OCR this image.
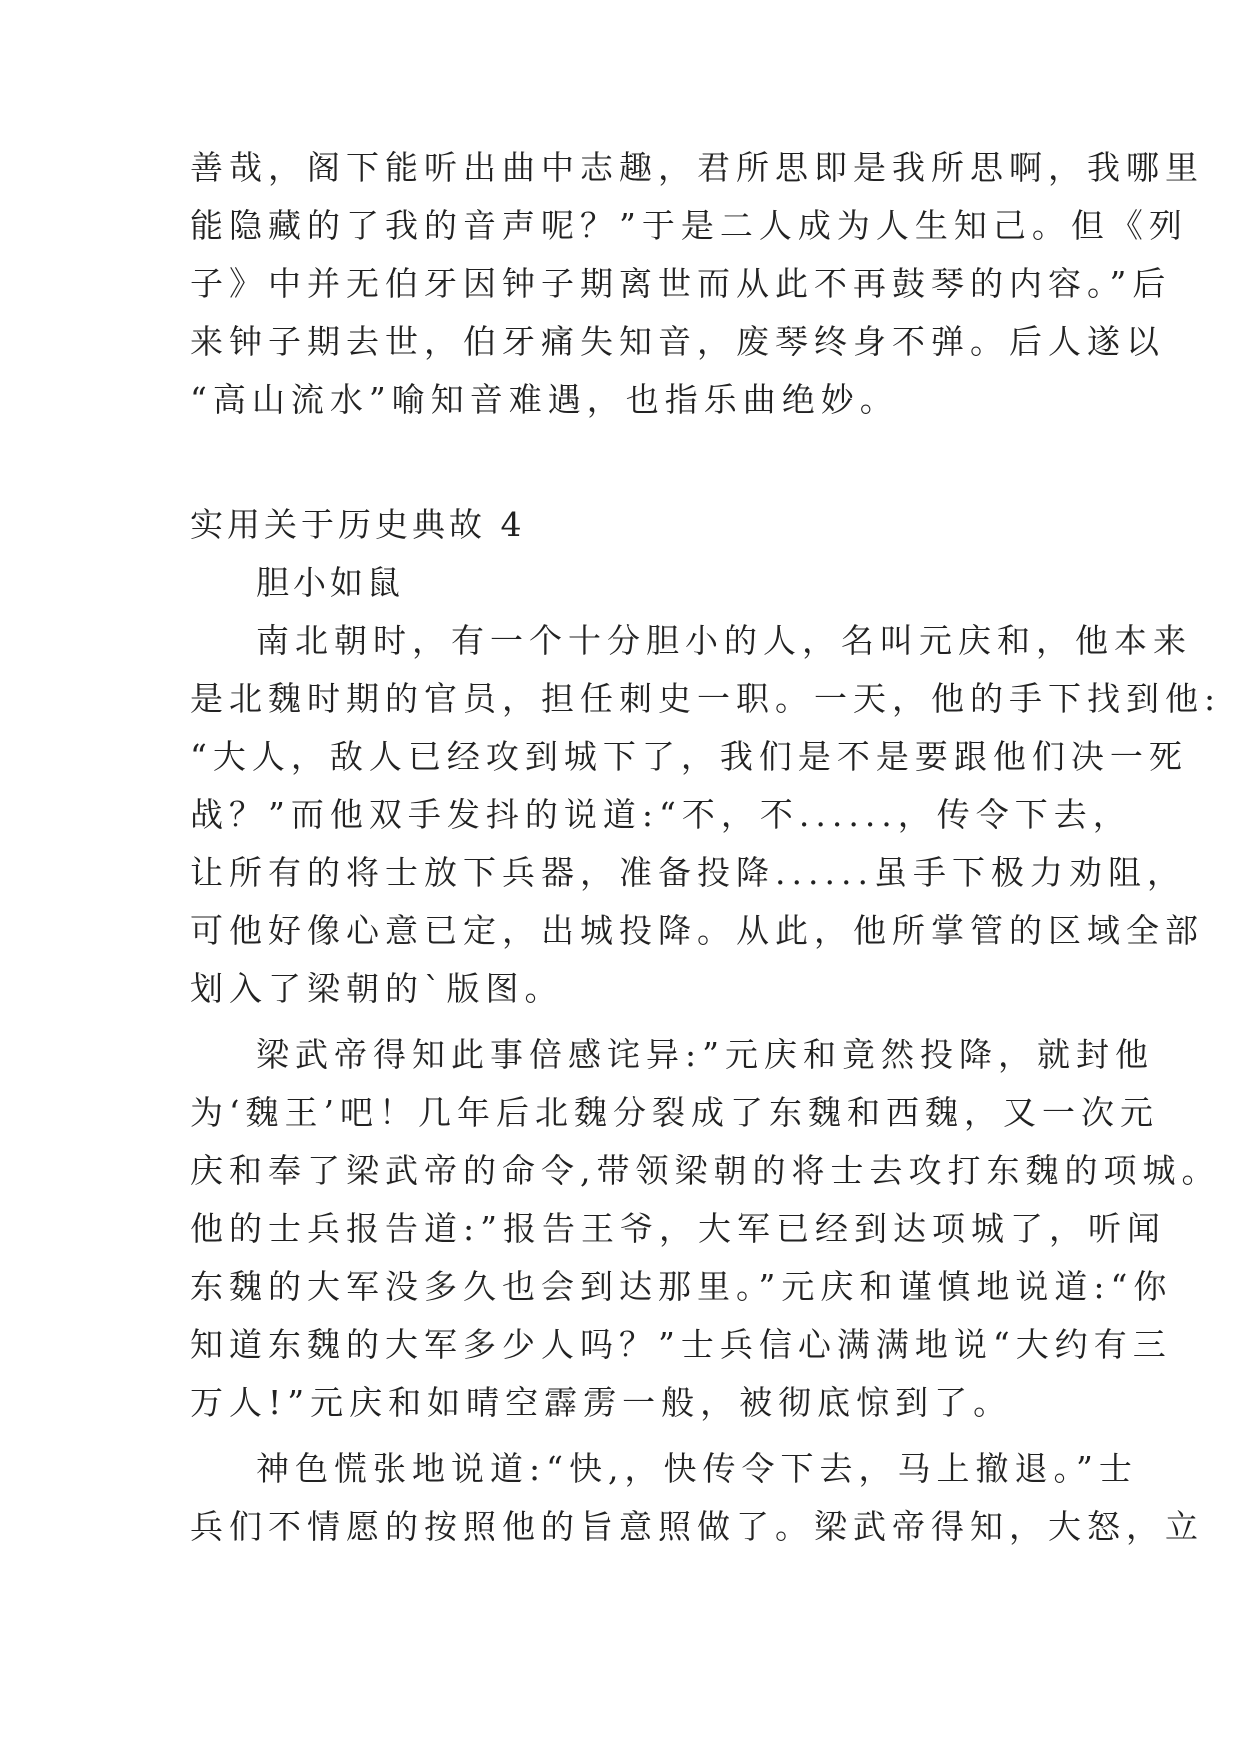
善哉，阁下能听出曲中志趣，君所思即是我所思啊，我哪里
能隐藏的了我的音声呢？”于是二人成为人生知己。但《列
子》中并无伯牙因钟子期离世而从此不再鼓琴的内容。”后
来钟子期去世，伯牙痛失知音，废琴终身不弹。后人遂以
“高山流水”喻知音难遇，也指乐曲绝妙。
实用关于历史典故 4
胆小如鼠
南北朝时，有一个十分胆小的人，名叫元庆和，他本来
是北魏时期的官员，担任刺史一职。一天，他的手下找到他:
“大人，敌人已经攻到城下了，我们是不是要跟他们决一死
战？”而他双手发抖的说道:“不，不......，传令下去，
让所有的将士放下兵器，准备投降......虽手下极力劝阻，
可他好像心意已定，出城投降。从此，他所掌管的区域全部
划入了梁朝的`版图。
梁武帝得知此事倍感诧异:”元庆和竟然投降，就封他
为‘魏王’吧！几年后北魏分裂成了东魏和西魏，又一次元
庆和奉了梁武帝的命令,带领梁朝的将士去攻打东魏的项城。
他的士兵报告道:”报告王爷，大军已经到达项城了，听闻
东魏的大军没多久也会到达那里。”元庆和谨慎地说道:“你
知道东魏的大军多少人吗？”士兵信心满满地说“大约有三
万人!”元庆和如晴空霹雳一般，被彻底惊到了。
神色慌张地说道:“快,，快传令下去，马上撤退。”士
兵们不情愿的按照他的旨意照做了。梁武帝得知，大怒，立
